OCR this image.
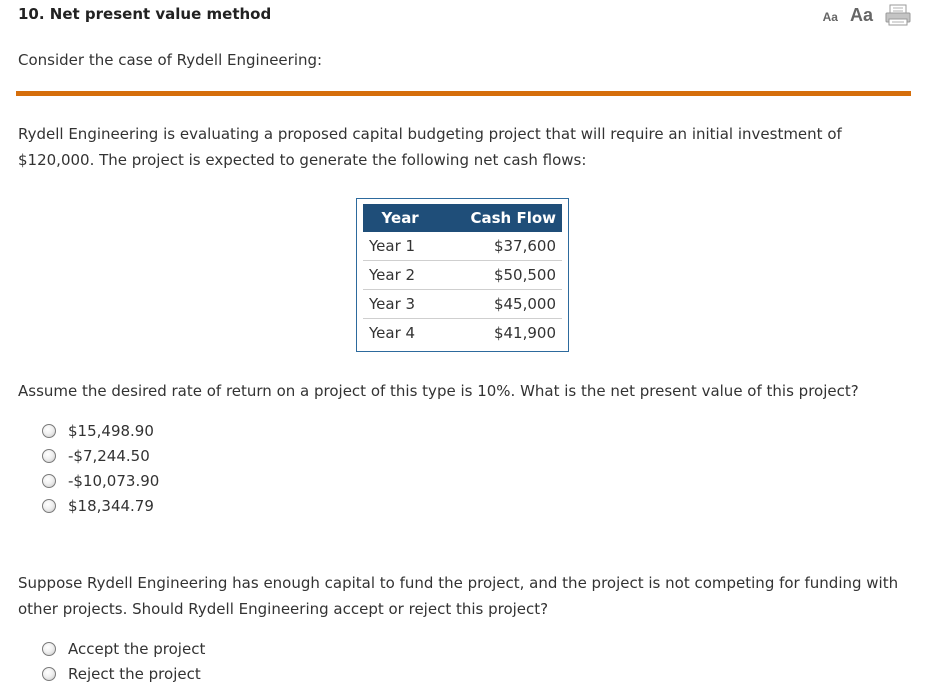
10. Net present value method	Aa Aa
Consider the case of Rydell Engineering:
Rydell Engineering is evaluating a proposed capital budgeting project that will require an initial investment of $120,000. The project is expected to generate the following net cash flows:
Year	Cash Flow
Year 1	$37,600
Year 2	$50,500
Year 3	$45,000
Year 4	$41,900
Assume the desired rate of return on a project of this type is 10%. What is the net present value of this project?
$15,498.90
-$7,244.50
-$10,073.90
$18,344.79
Suppose Rydell Engineering has enough capital to fund the project, and the project is not competing for funding with other projects. Should Rydell Engineering accept or reject this project?
Accept the project
Reject the project
